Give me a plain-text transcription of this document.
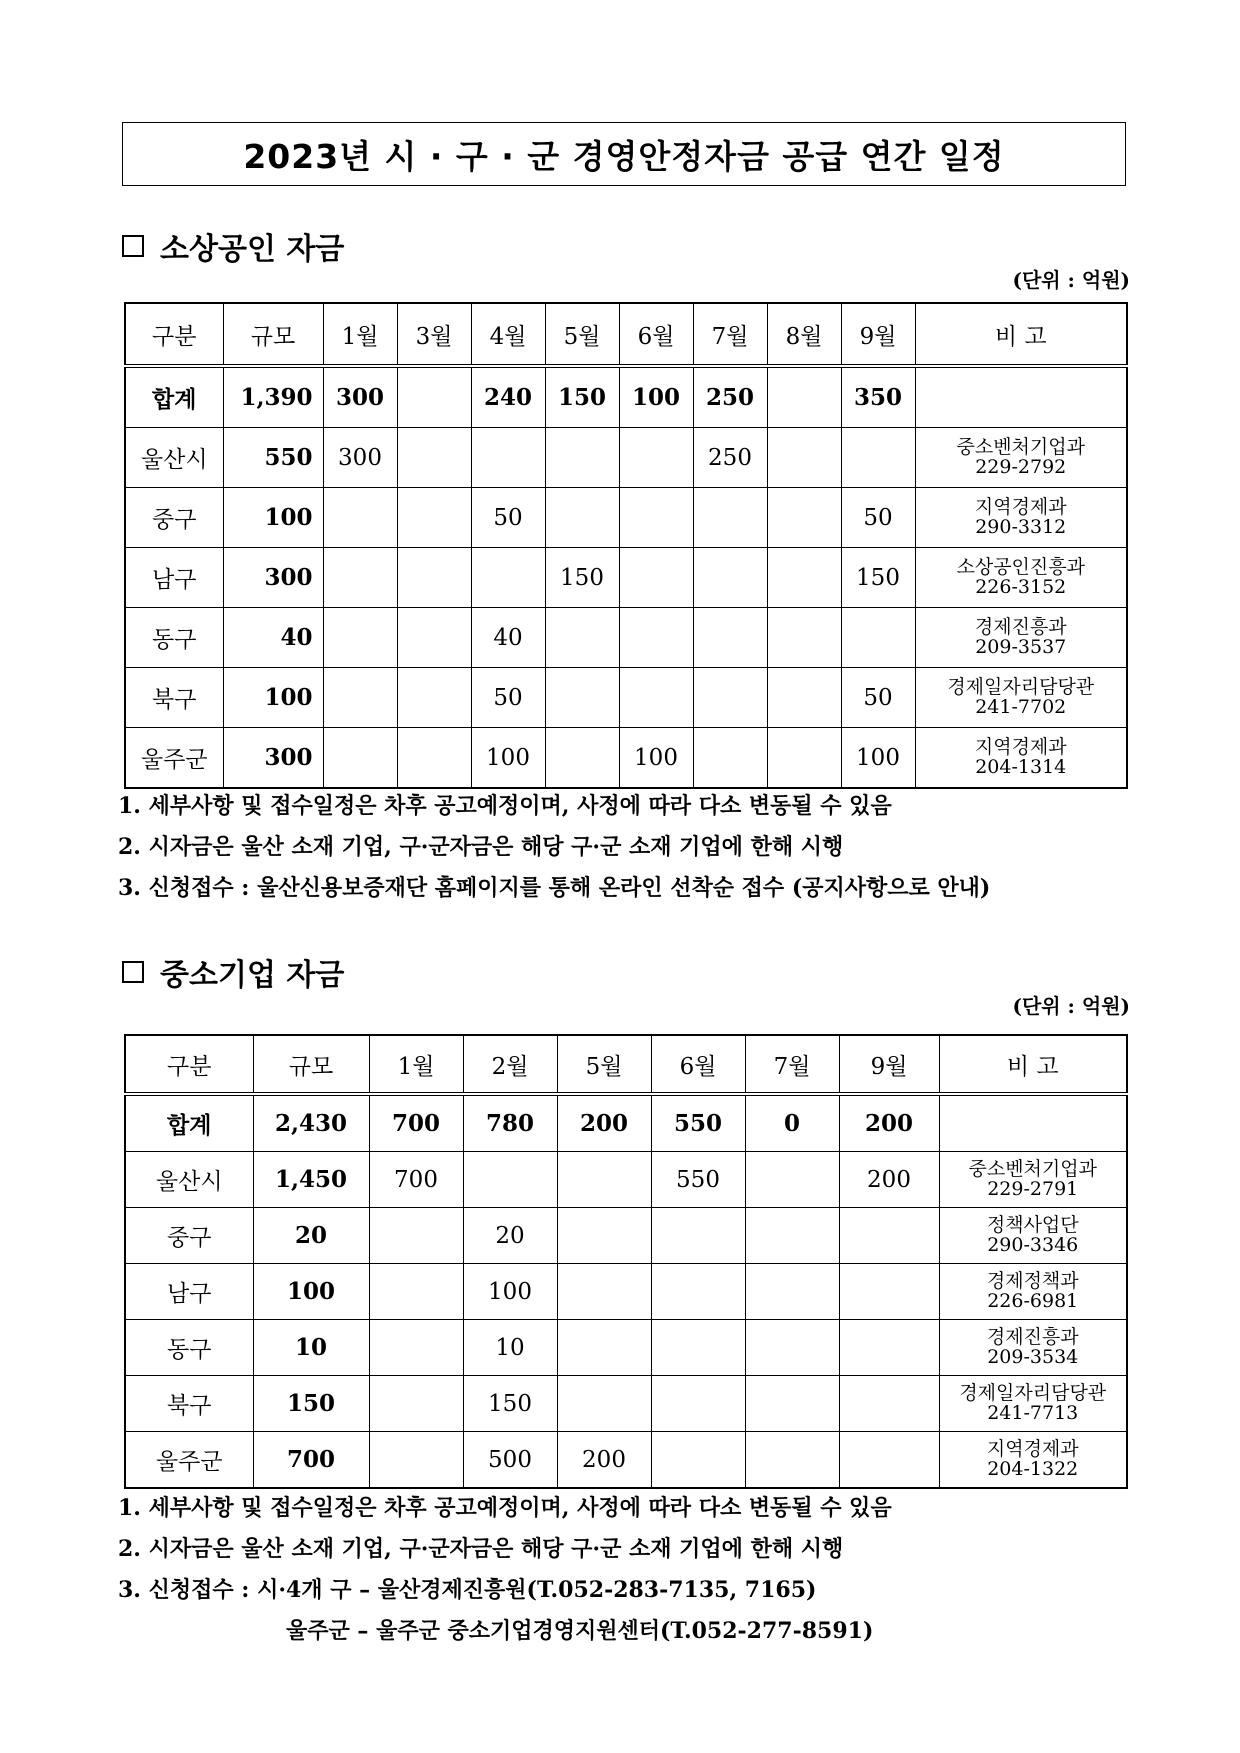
2023년 시 · 구 · 군 경영안정자금 공급 연간 일정
소상공인 자금
(단위 : 억원)
구분	규모	1월	3월	4월	5월	6월	7월	8월	9월	비 고
합계	1,390	300		240	150	100	250		350	
울산시	550	300					250			중소벤처기업과
229-2792
중구	100			50					50	지역경제과
290-3312
남구	300				150				150	소상공인진흥과
226-3152
동구	40			40						경제진흥과
209-3537
북구	100			50					50	경제일자리담당관
241-7702
울주군	300			100		100			100	지역경제과
204-1314
1. 세부사항 및 접수일정은 차후 공고예정이며, 사정에 따라 다소 변동될 수 있음
2. 시자금은 울산 소재 기업, 구·군자금은 해당 구·군 소재 기업에 한해 시행
3. 신청접수 : 울산신용보증재단 홈페이지를 통해 온라인 선착순 접수 (공지사항으로 안내)
중소기업 자금
(단위 : 억원)
구분	규모	1월	2월	5월	6월	7월	9월	비 고
합계	2,430	700	780	200	550	0	200	
울산시	1,450	700			550		200	중소벤처기업과
229-2791
중구	20		20					정책사업단
290-3346
남구	100		100					경제정책과
226-6981
동구	10		10					경제진흥과
209-3534
북구	150		150					경제일자리담당관
241-7713
울주군	700		500	200				지역경제과
204-1322
1. 세부사항 및 접수일정은 차후 공고예정이며, 사정에 따라 다소 변동될 수 있음
2. 시자금은 울산 소재 기업, 구·군자금은 해당 구·군 소재 기업에 한해 시행
3. 신청접수 : 시·4개 구 – 울산경제진흥원(T.052-283-7135, 7165)
울주군 – 울주군 중소기업경영지원센터(T.052-277-8591)
